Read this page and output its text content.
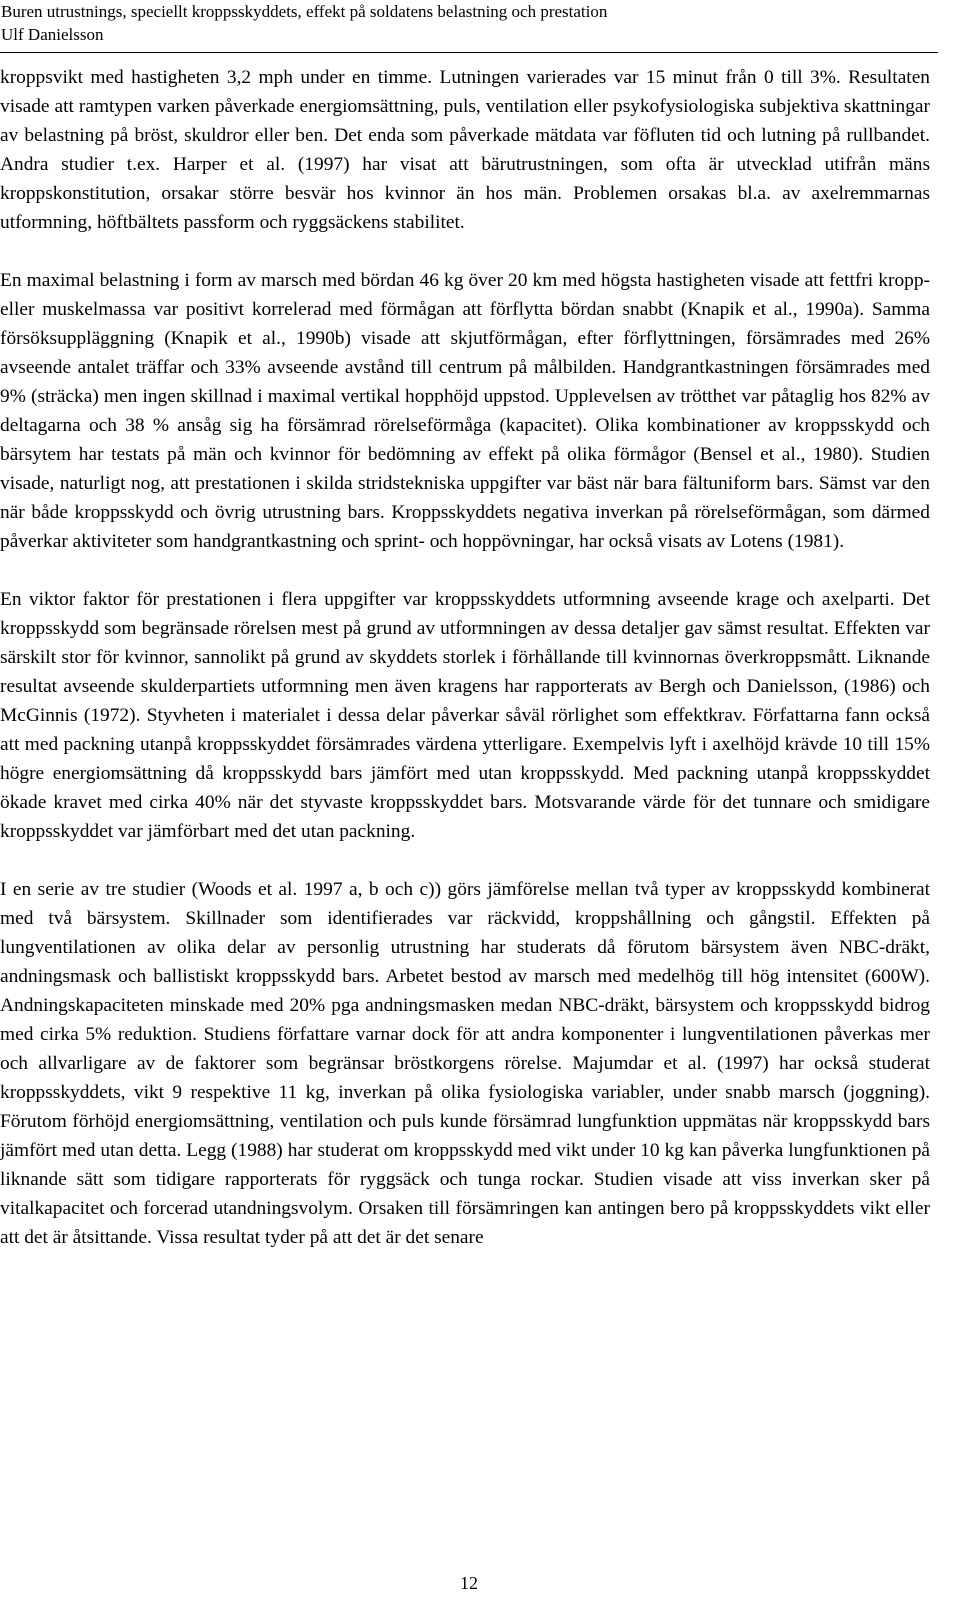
Buren utrustnings, speciellt kroppsskyddets, effekt på soldatens belastning och prestation
Ulf Danielsson

kroppsvikt med hastigheten 3,2 mph under en timme. Lutningen varierades var 15 minut från 0 till 3%. Resultaten visade att ramtypen varken påverkade energiomsättning, puls, ventilation eller psykofysiologiska subjektiva skattningar av belastning på bröst, skuldror eller ben. Det enda som påverkade mätdata var föfluten tid och lutning på rullbandet. Andra studier t.ex. Harper et al. (1997) har visat att bärutrustningen, som ofta är utvecklad utifrån mäns kroppskonstitution, orsakar större besvär hos kvinnor än hos män. Problemen orsakas bl.a. av axelremmarnas utformning, höftbältets passform och ryggsäckens stabilitet.

En maximal belastning i form av marsch med bördan 46 kg över 20 km med högsta hastigheten visade att fettfri kropp- eller muskelmassa var positivt korrelerad med förmågan att förflytta bördan snabbt (Knapik et al., 1990a). Samma försöksuppläggning (Knapik et al., 1990b) visade att skjutförmågan, efter förflyttningen, försämrades med 26% avseende antalet träffar och 33% avseende avstånd till centrum på målbilden. Handgrantkastningen försämrades med 9% (sträcka) men ingen skillnad i maximal vertikal hopphöjd uppstod. Upplevelsen av trötthet var påtaglig hos 82% av deltagarna och 38 % ansåg sig ha försämrad rörelseförmåga (kapacitet). Olika kombinationer av kroppsskydd och bärsytem har testats på män och kvinnor för bedömning av effekt på olika förmågor (Bensel et al., 1980). Studien visade, naturligt nog, att prestationen i skilda stridstekniska uppgifter var bäst när bara fältuniform bars. Sämst var den när både kroppsskydd och övrig utrustning bars. Kroppsskyddets negativa inverkan på rörelseförmågan, som därmed påverkar aktiviteter som handgrantkastning och sprint- och hoppövningar, har också visats av Lotens (1981).

En viktor faktor för prestationen i flera uppgifter var kroppsskyddets utformning avseende krage och axelparti. Det kroppsskydd som begränsade rörelsen mest på grund av utformningen av dessa detaljer gav sämst resultat. Effekten var särskilt stor för kvinnor, sannolikt på grund av skyddets storlek i förhållande till kvinnornas överkroppsmått. Liknande resultat avseende skulderpartiets utformning men även kragens har rapporterats av Bergh och Danielsson, (1986) och McGinnis (1972). Styvheten i materialet i dessa delar påverkar såväl rörlighet som effektkrav. Författarna fann också att med packning utanpå kroppsskyddet försämrades värdena ytterligare. Exempelvis lyft i axelhöjd krävde 10 till 15% högre energiomsättning då kroppsskydd bars jämfört med utan kroppsskydd. Med packning utanpå kroppsskyddet ökade kravet med cirka 40% när det styvaste kroppsskyddet bars. Motsvarande värde för det tunnare och smidigare kroppsskyddet var jämförbart med det utan packning.

I en serie av tre studier (Woods et al. 1997 a, b och c)) görs jämförelse mellan två typer av kroppsskydd kombinerat med två bärsystem. Skillnader som identifierades var räckvidd, kroppshållning och gångstil. Effekten på lungventilationen av olika delar av personlig utrustning har studerats då förutom bärsystem även NBC-dräkt, andningsmask och ballistiskt kroppsskydd bars. Arbetet bestod av marsch med medelhög till hög intensitet (600W). Andningskapaciteten minskade med 20% pga andningsmasken medan NBC-dräkt, bärsystem och kroppsskydd bidrog med cirka 5% reduktion. Studiens författare varnar dock för att andra komponenter i lungventilationen påverkas mer och allvarligare av de faktorer som begränsar bröstkorgens rörelse. Majumdar et al. (1997) har också studerat kroppsskyddets, vikt 9 respektive 11 kg, inverkan på olika fysiologiska variabler, under snabb marsch (joggning). Förutom förhöjd energiomsättning, ventilation och puls kunde försämrad lungfunktion uppmätas när kroppsskydd bars jämfört med utan detta. Legg (1988) har studerat om kroppsskydd med vikt under 10 kg kan påverka lungfunktionen på liknande sätt som tidigare rapporterats för ryggsäck och tunga rockar. Studien visade att viss inverkan sker på vitalkapacitet och forcerad utandningsvolym. Orsaken till försämringen kan antingen bero på kroppsskyddets vikt eller att det är åtsittande. Vissa resultat tyder på att det är det senare

12
